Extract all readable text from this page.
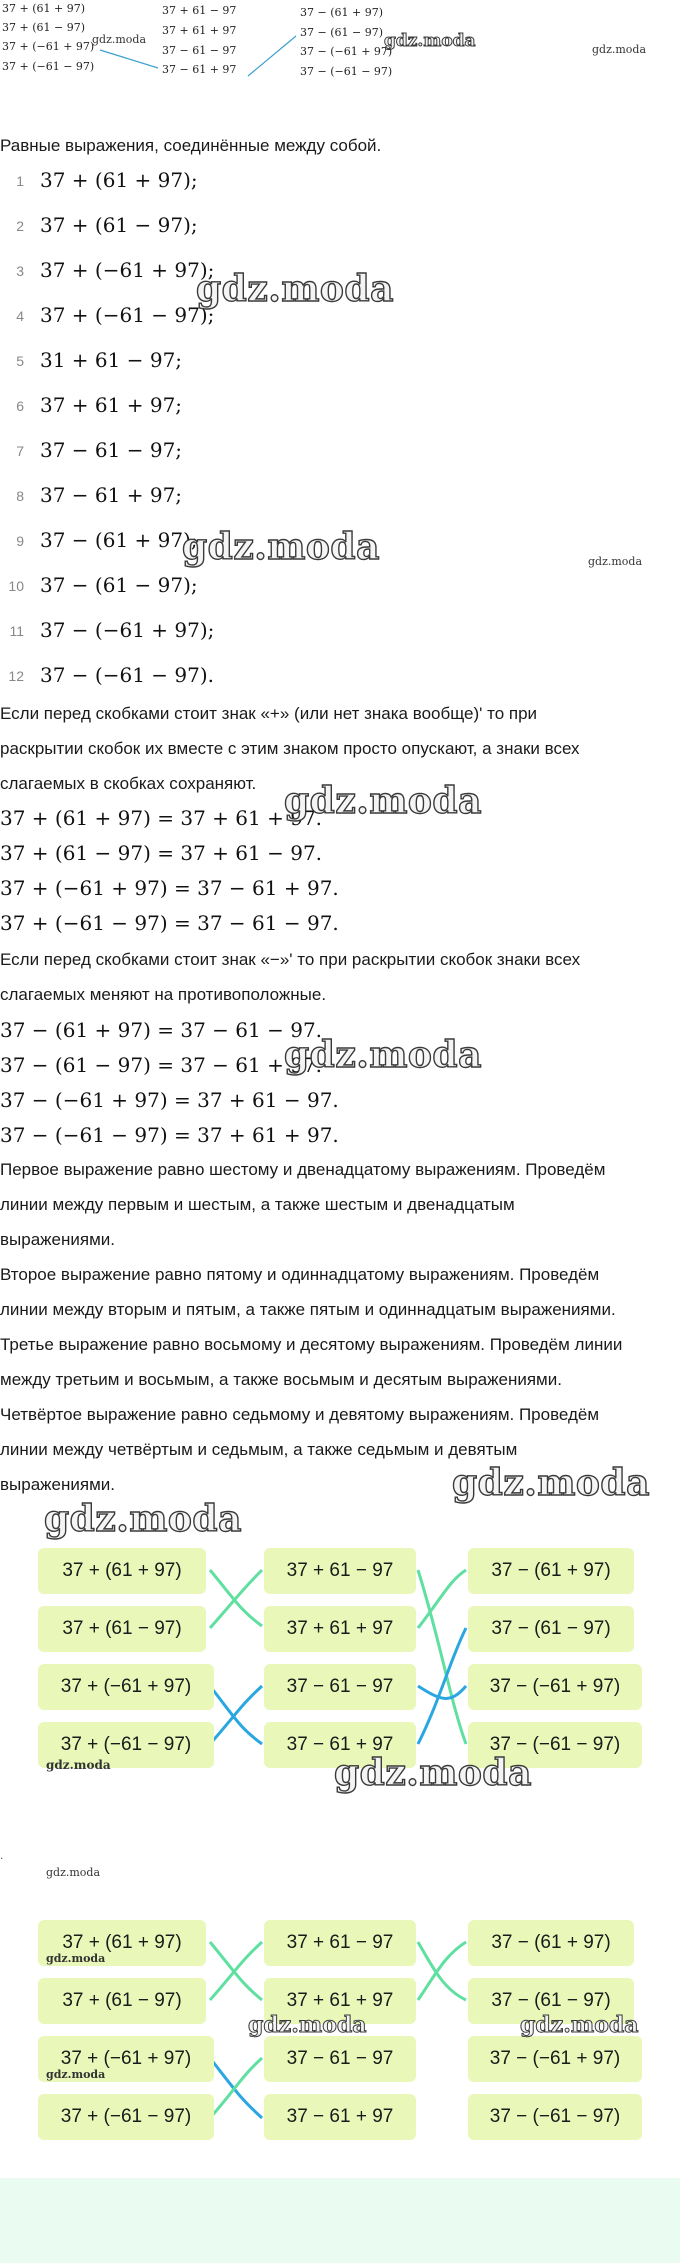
37 + (61 + 97)
37 + (61 − 97)
37 + (−61 + 97)
37 + (−61 − 97)
37 + 61 − 97
37 + 61 + 97
37 − 61 − 97
37 − 61 + 97
37 − (61 + 97)
37 − (61 − 97)
37 − (−61 + 97)
37 − (−61 − 97)
gdz.moda	gdz.moda	gdz.moda
Равные выражения, соединённые между собой.
1 37 + (61 + 97);
2 37 + (61 − 97);
3 37 + (−61 + 97);
4 37 + (−61 − 97);
5 31 + 61 − 97;
6 37 + 61 + 97;
7 37 − 61 − 97;
8 37 − 61 + 97;
9 37 − (61 + 97);
10 37 − (61 − 97);
11 37 − (−61 + 97);
12 37 − (−61 − 97).
gdz.moda
gdz.moda	gdz.moda
Если перед скобками стоит знак «+» (или нет знака вообще)' то при
раскрытии скобок их вместе с этим знаком просто опускают, а знаки всех
слагаемых в скобках сохраняют.
37 + (61 + 97) = 37 + 61 + 97.
37 + (61 − 97) = 37 + 61 − 97.
37 + (−61 + 97) = 37 − 61 + 97.
37 + (−61 − 97) = 37 − 61 − 97.
gdz.moda
Если перед скобками стоит знак «−»' то при раскрытии скобок знаки всех
слагаемых меняют на противоположные.
37 − (61 + 97) = 37 − 61 − 97.
37 − (61 − 97) = 37 − 61 + 97.
37 − (−61 + 97) = 37 + 61 − 97.
37 − (−61 − 97) = 37 + 61 + 97.
gdz.moda
Первое выражение равно шестому и двенадцатому выражениям. Проведём
линии между первым и шестым, а также шестым и двенадцатым
выражениями.
Второе выражение равно пятому и одиннадцатому выражениям. Проведём
линии между вторым и пятым, а также пятым и одиннадцатым выражениями.
Третье выражение равно восьмому и десятому выражениям. Проведём линии
между третьим и восьмым, а также восьмым и десятым выражениями.
Четвёртое выражение равно седьмому и девятому выражениям. Проведём
линии между четвёртым и седьмым, а также седьмым и девятым
выражениями.	gdz.moda
gdz.moda
37 + (61 + 97)
37 + (61 − 97)
37 + (−61 + 97)
37 + (−61 − 97)
37 + 61 − 97
37 + 61 + 97
37 − 61 − 97
37 − 61 + 97
37 − (61 + 97)
37 − (61 − 97)
37 − (−61 + 97)
37 − (−61 − 97)
gdz.moda	gdz.moda
.
gdz.moda
37 + (61 + 97)
37 + (61 − 97)
37 + (−61 + 97)
37 + (−61 − 97)
37 + 61 − 97
37 + 61 + 97
37 − 61 − 97
37 − 61 + 97
37 − (61 + 97)
37 − (61 − 97)
37 − (−61 + 97)
37 − (−61 − 97)
gdz.moda
gdz.moda
gdz.moda	gdz.moda
